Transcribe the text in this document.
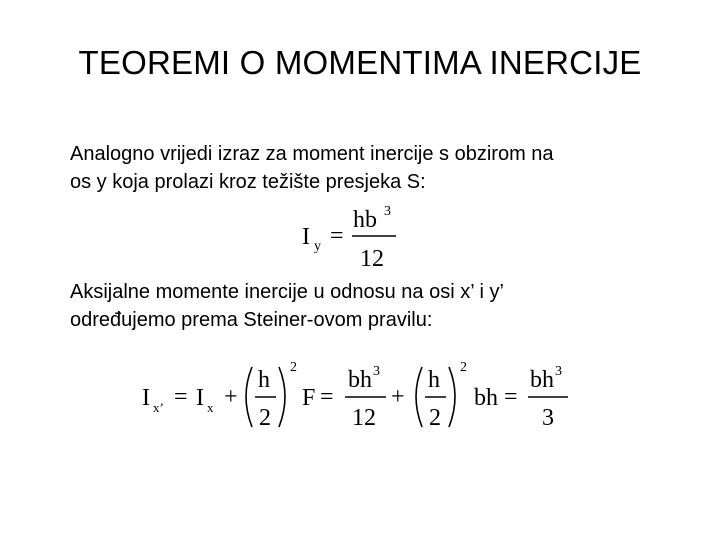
TEOREMI O MOMENTIMA INERCIJE
Analogno vrijedi izraz za moment inercije s obzirom na
os y koja prolazi kroz težište presjeka S:
I y =
hb 3
12
Aksijalne momente inercije u odnosu na osi x’ i y’
određujemo prema Steiner-ovom pravilu:
I x’ = I x +
h
2
2
F =
bh 3
12
+
h
2
2
bh =
bh 3
3
